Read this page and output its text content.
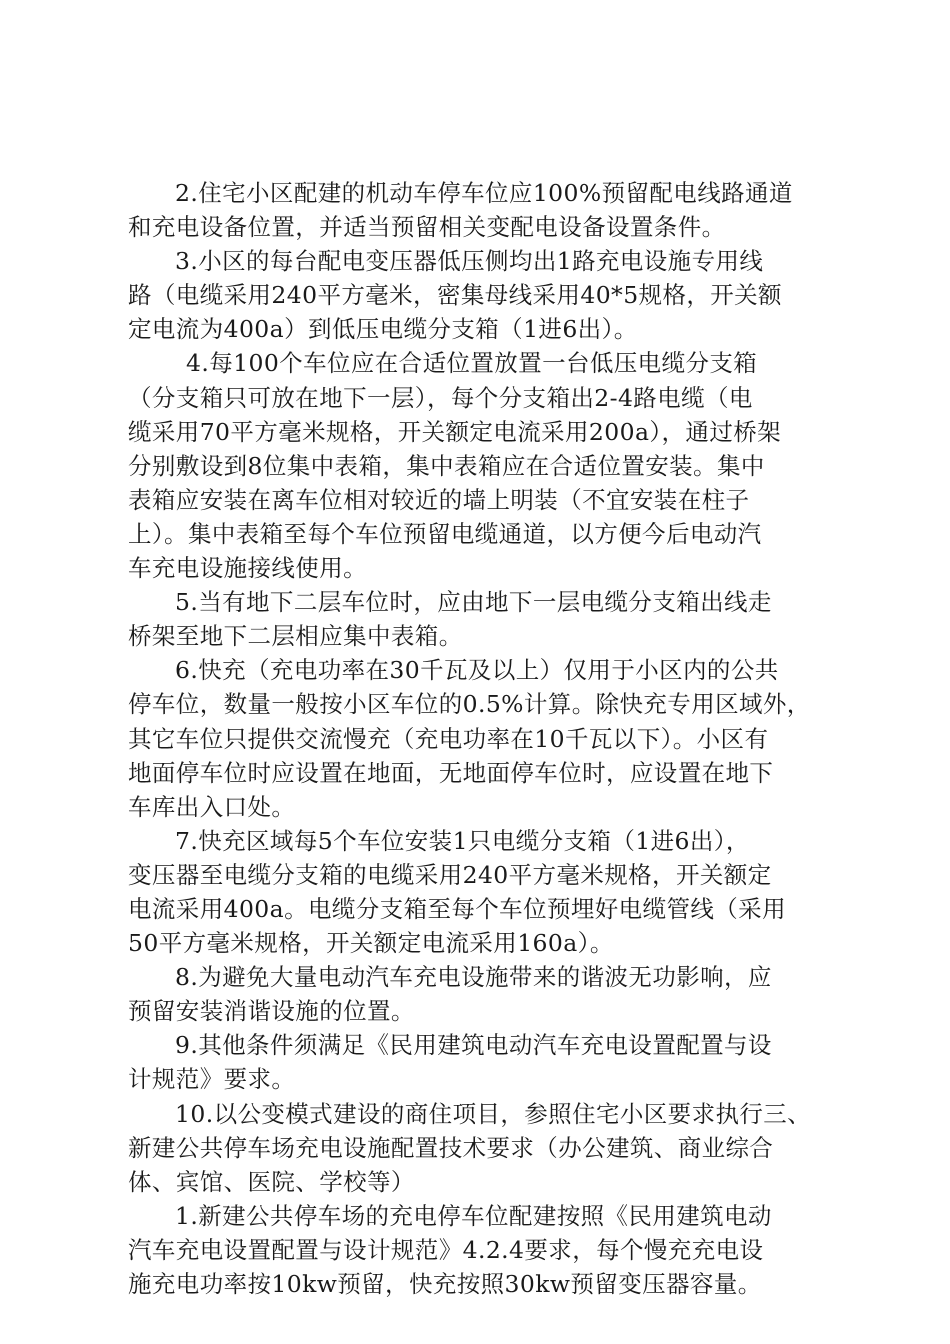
2.住宅小区配建的机动车停车位应100%预留配电线路通道
和充电设备位置，并适当预留相关变配电设备设置条件。
3.小区的每台配电变压器低压侧均出1路充电设施专用线
路（电缆采用240平方毫米，密集母线采用40*5规格，开关额
定电流为400a）到低压电缆分支箱（1进6出）。
4.每100个车位应在合适位置放置一台低压电缆分支箱
（分支箱只可放在地下一层），每个分支箱出2-4路电缆（电
缆采用70平方毫米规格，开关额定电流采用200a），通过桥架
分别敷设到8位集中表箱，集中表箱应在合适位置安装。集中
表箱应安装在离车位相对较近的墙上明装（不宜安装在柱子
上）。集中表箱至每个车位预留电缆通道，以方便今后电动汽
车充电设施接线使用。
5.当有地下二层车位时，应由地下一层电缆分支箱出线走
桥架至地下二层相应集中表箱。
6.快充（充电功率在30千瓦及以上）仅用于小区内的公共
停车位，数量一般按小区车位的0.5%计算。除快充专用区域外，
其它车位只提供交流慢充（充电功率在10千瓦以下）。小区有
地面停车位时应设置在地面，无地面停车位时，应设置在地下
车库出入口处。
7.快充区域每5个车位安装1只电缆分支箱（1进6出），
变压器至电缆分支箱的电缆采用240平方毫米规格，开关额定
电流采用400a。电缆分支箱至每个车位预埋好电缆管线（采用
50平方毫米规格，开关额定电流采用160a）。
8.为避免大量电动汽车充电设施带来的谐波无功影响，应
预留安装消谐设施的位置。
9.其他条件须满足《民用建筑电动汽车充电设置配置与设
计规范》要求。
10.以公变模式建设的商住项目，参照住宅小区要求执行三、
新建公共停车场充电设施配置技术要求（办公建筑、商业综合
体、宾馆、医院、学校等）
1.新建公共停车场的充电停车位配建按照《民用建筑电动
汽车充电设置配置与设计规范》4.2.4要求，每个慢充充电设
施充电功率按10kw预留，快充按照30kw预留变压器容量。
